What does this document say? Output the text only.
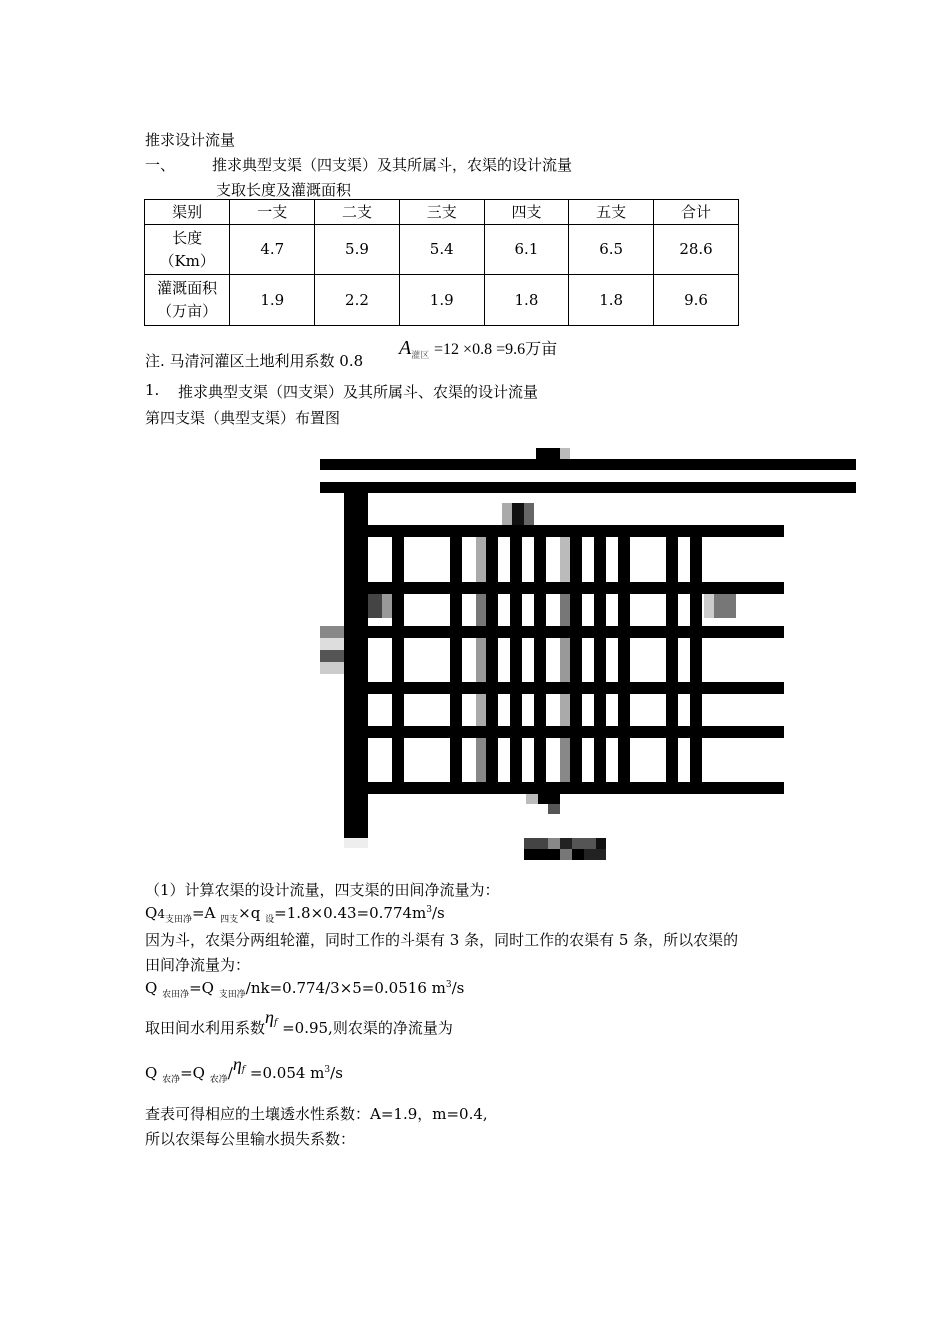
推求设计流量
一、 推求典型支渠（四支渠）及其所属斗，农渠的设计流量
支取长度及灌溉面积
渠别	一支	二支	三支	四支	五支	合计

长度
（Km）	4.7	5.9	5.4	6.1	6.5	28.6

灌溉面积
（万亩）	1.9	2.2	1.9	1.8	1.8	9.6
注. 马清河灌区土地利用系数 0.8
$A_{灌区} =12 \times 0.8 =9.6$万亩
1. 推求典型支渠（四支渠）及其所属斗、农渠的设计流量
第四支渠（典型支渠）布置图
（1）计算农渠的设计流量，四支渠的田间净流量为：
$Q4_{支田净}=A$ $_{四支}$×q $_设=1.8\times 0.43=0.774m^3/s$
因为斗，农渠分两组轮灌，同时工作的斗渠有 3 条，同时工作的农渠有 5 条，所以农渠的
田间净流量为：
Q $_{农田净}$=Q $_{支田净}$/nk=0.774/3×5=0.0516 $m^3/s$
取田间水利用系数$\eta_f =0.95$,则农渠的净流量为
Q $_{农净}$=Q $_{农净}/\eta_f =0.054$ $m^3/s$
查表可得相应的土壤透水性系数：A=1.9，m=0.4,
所以农渠每公里输水损失系数：
